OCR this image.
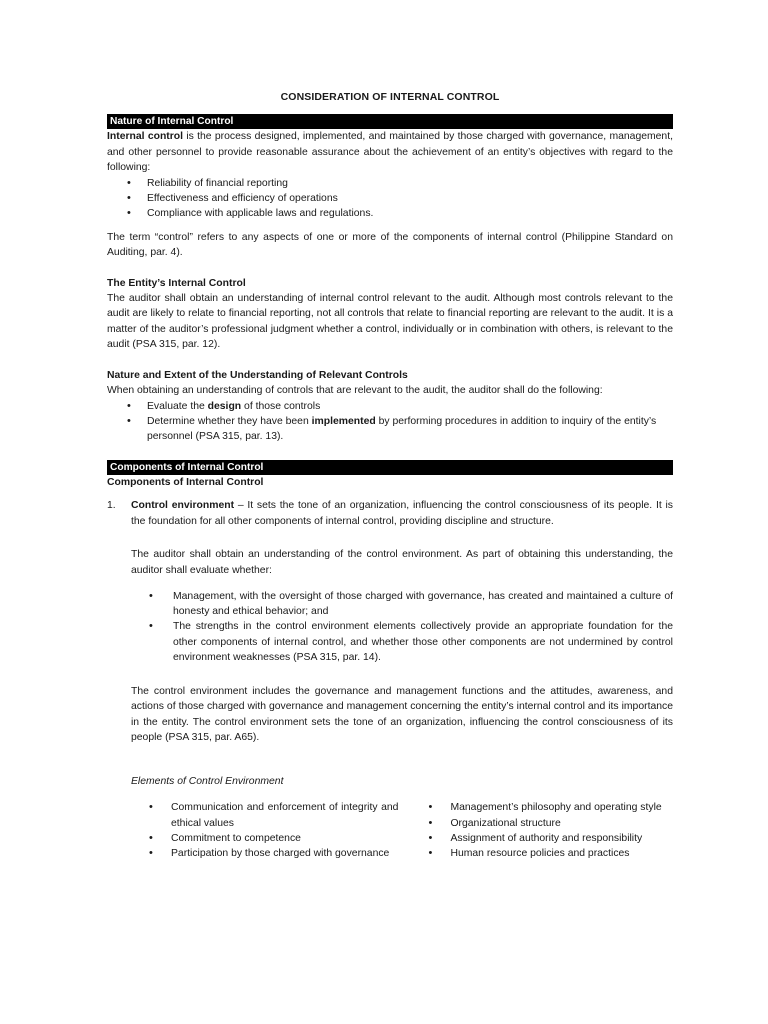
CONSIDERATION OF INTERNAL CONTROL
Nature of Internal Control

Internal control is the process designed, implemented, and maintained by those charged with governance, management, and other personnel to provide reasonable assurance about the achievement of an entity’s objectives with regard to the following:

• Reliability of financial reporting
• Effectiveness and efficiency of operations
• Compliance with applicable laws and regulations.

The term “control” refers to any aspects of one or more of the components of internal control (Philippine Standard on Auditing, par. 4).

The Entity’s Internal Control

The auditor shall obtain an understanding of internal control relevant to the audit. Although most controls relevant to the audit are likely to relate to financial reporting, not all controls that relate to financial reporting are relevant to the audit. It is a matter of the auditor’s professional judgment whether a control, individually or in combination with others, is relevant to the audit (PSA 315, par. 12).

Nature and Extent of the Understanding of Relevant Controls

When obtaining an understanding of controls that are relevant to the audit, the auditor shall do the following:

• Evaluate the design of those controls
• Determine whether they have been implemented by performing procedures in addition to inquiry of the entity’s personnel (PSA 315, par. 13).
Components of Internal Control

Components of Internal Control

1.	Control environment – It sets the tone of an organization, influencing the control consciousness of its people. It is the foundation for all other components of internal control, providing discipline and structure.

The auditor shall obtain an understanding of the control environment. As part of obtaining this understanding, the auditor shall evaluate whether:

• Management, with the oversight of those charged with governance, has created and maintained a culture of honesty and ethical behavior; and
• The strengths in the control environment elements collectively provide an appropriate foundation for the other components of internal control, and whether those other components are not undermined by control environment weaknesses (PSA 315, par. 14).

The control environment includes the governance and management functions and the attitudes, awareness, and actions of those charged with governance and management concerning the entity’s internal control and its importance in the entity. The control environment sets the tone of an organization, influencing the control consciousness of its people (PSA 315, par. A65).

Elements of Control Environment

• Communication and enforcement of integrity and ethical values
• Commitment to competence
• Participation by those charged with governance
• Management’s philosophy and operating style
• Organizational structure
• Assignment of authority and responsibility
• Human resource policies and practices
